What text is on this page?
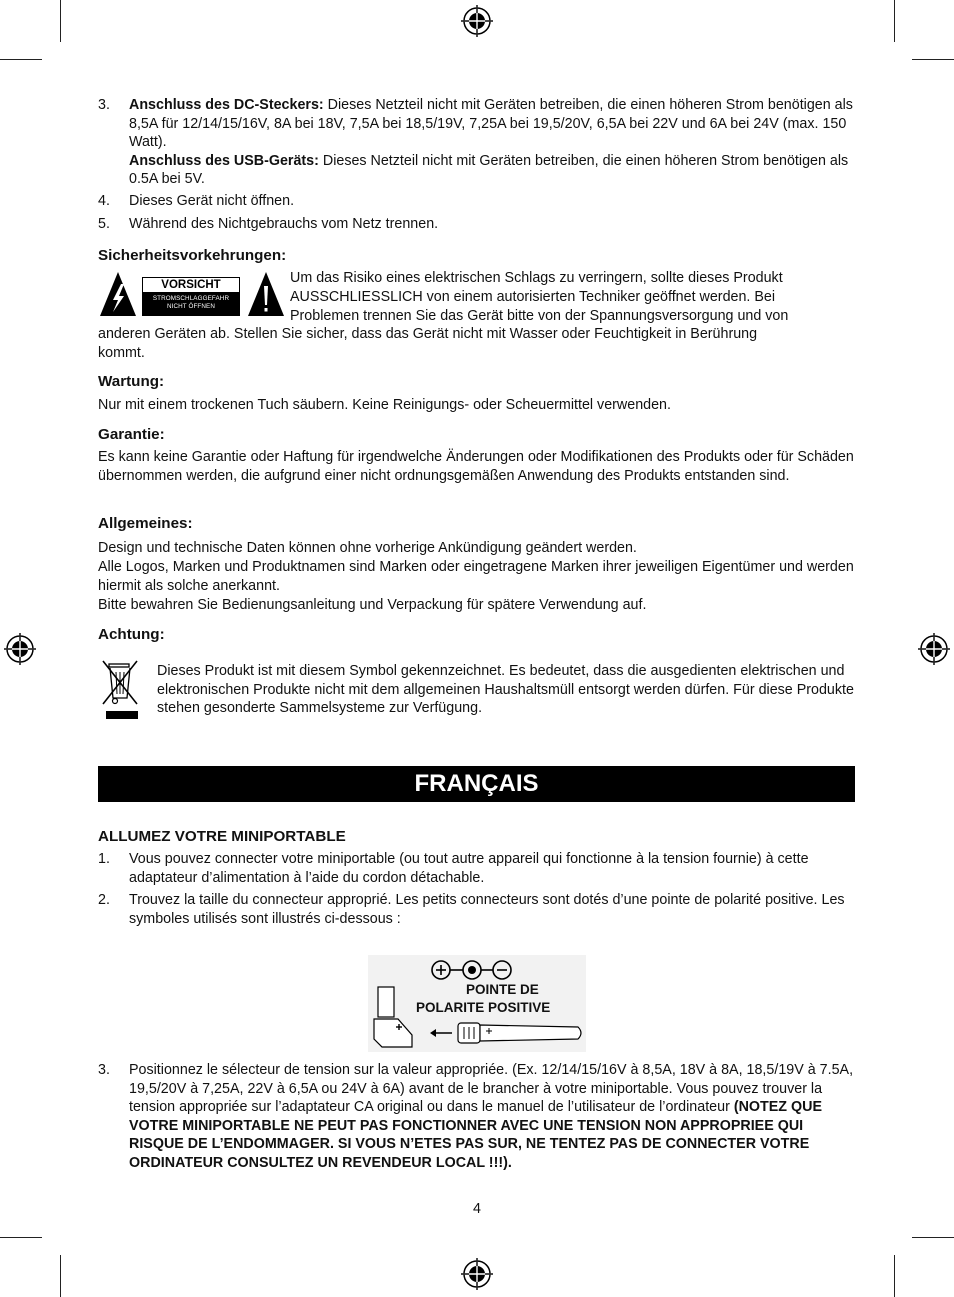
3.	Anschluss des DC-Steckers: Dieses Netzteil nicht mit Geräten betreiben, die einen höheren Strom benötigen als 8,5A für 12/14/15/16V, 8A bei 18V, 7,5A bei 18,5/19V, 7,25A bei 19,5/20V, 6,5A bei 22V und 6A bei 24V (max. 150 Watt).

Anschluss des USB-Geräts: Dieses Netzteil nicht mit Geräten betreiben, die einen höheren Strom benötigen als 0.5A bei 5V.

4.	Dieses Gerät nicht öffnen.
5.	Während des Nichtgebrauchs vom Netz trennen.
Sicherheitsvorkehrungen:
VORSICHT
STROMSCHLAGGEFAHR
NICHT ÖFFNEN
Um das Risiko eines elektrischen Schlags zu verringern, sollte dieses Produkt
AUSSCHLIESSLICH von einem autorisierten Techniker geöffnet werden. Bei
Problemen trennen Sie das Gerät bitte von der Spannungsversorgung und von
anderen Geräten ab. Stellen Sie sicher, dass das Gerät nicht mit Wasser oder Feuchtigkeit in Berührung
kommt.
Wartung:

Nur mit einem trockenen Tuch säubern. Keine Reinigungs- oder Scheuermittel verwenden.

Garantie:

Es kann keine Garantie oder Haftung für irgendwelche Änderungen oder Modifikationen des Produkts oder für Schäden übernommen werden, die aufgrund einer nicht ordnungsgemäßen Anwendung des Produkts entstanden sind.

Allgemeines:

Design und technische Daten können ohne vorherige Ankündigung geändert werden.

Alle Logos, Marken und Produktnamen sind Marken oder eingetragene Marken ihrer jeweiligen Eigentümer und werden hiermit als solche anerkannt.

Bitte bewahren Sie Bedienungsanleitung und Verpackung für spätere Verwendung auf.

Achtung:

Dieses Produkt ist mit diesem Symbol gekennzeichnet. Es bedeutet, dass die ausgedienten elektrischen und elektronischen Produkte nicht mit dem allgemeinen Haushaltsmüll entsorgt werden dürfen. Für diese Produkte stehen gesonderte Sammelsysteme zur Verfügung.

FRANÇAIS
ALLUMEZ VOTRE MINIPORTABLE
1.	Vous pouvez connecter votre miniportable (ou tout autre appareil qui fonctionne à la tension fournie) à cette adaptateur d’alimentation à l’aide du cordon détachable.
2.	Trouvez la taille du connecteur approprié. Les petits connecteurs sont dotés d’une pointe de polarité positive. Les symboles utilisés sont illustrés ci-dessous :
POINTE DE
POLARITE POSITIVE
3.	Positionnez le sélecteur de tension sur la valeur appropriée. (Ex. 12/14/15/16V à 8,5A, 18V à 8A, 18,5/19V à 7.5A, 19,5/20V à 7,25A, 22V à 6,5A ou 24V à 6A) avant de le brancher à votre miniportable. Vous pouvez trouver la tension appropriée sur l’adaptateur CA original ou dans le manuel de l’utilisateur de l’ordinateur (NOTEZ QUE VOTRE MINIPORTABLE NE PEUT PAS FONCTIONNER AVEC UNE TENSION NON APPROPRIEE QUI RISQUE DE L’ENDOMMAGER. SI VOUS N’ETES PAS SUR, NE TENTEZ PAS DE CONNECTER VOTRE ORDINATEUR CONSULTEZ UN REVENDEUR LOCAL !!!).
4
